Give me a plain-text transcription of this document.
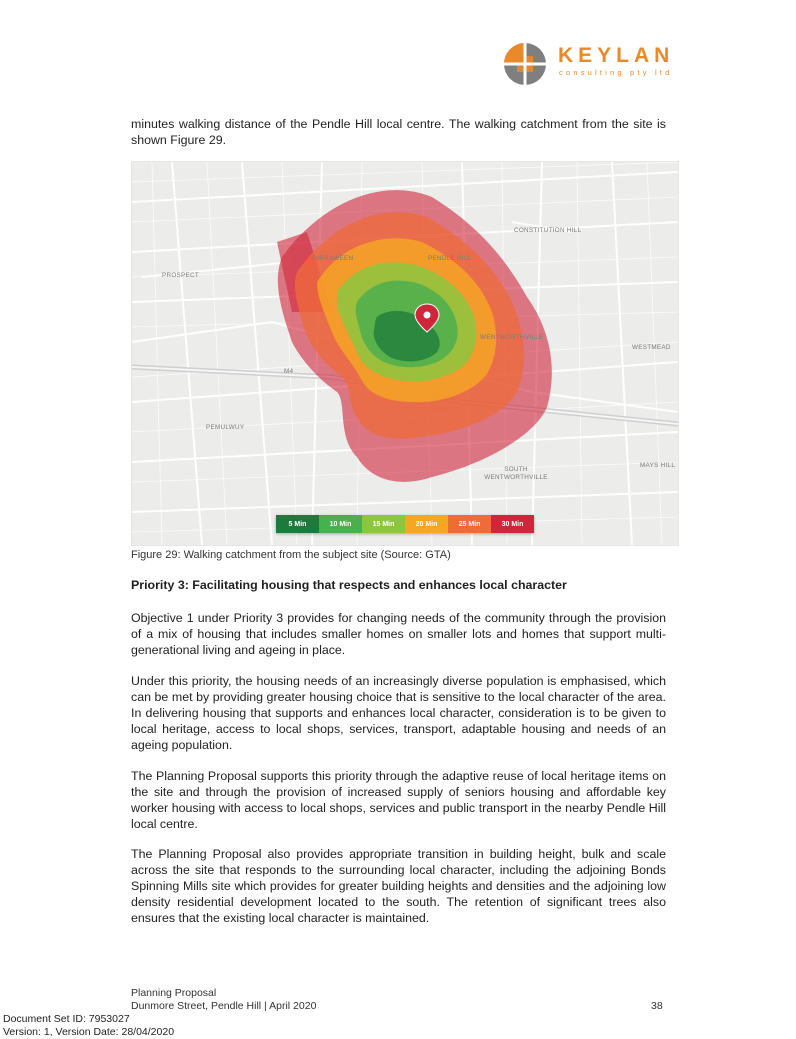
KEYLAN
consulting pty ltd

minutes walking distance of the Pendle Hill local centre. The walking catchment from the site is shown Figure 29.

CONSTITUTION HILL
GIRRAWEEN	PENDLE HILL
PROSPECT
WENTWORTHVILLE
WESTMEAD
M4
PEMULWUY
SOUTH WENTWORTHVILLE
MAYS HILL
5 Min	10 Min	15 Min	20 Min	25 Min	30 Min
Figure 29: Walking catchment from the subject site (Source: GTA)
Priority 3: Facilitating housing that respects and enhances local character

Objective 1 under Priority 3 provides for changing needs of the community through the provision of a mix of housing that includes smaller homes on smaller lots and homes that support multi-generational living and ageing in place.

Under this priority, the housing needs of an increasingly diverse population is emphasised, which can be met by providing greater housing choice that is sensitive to the local character of the area. In delivering housing that supports and enhances local character, consideration is to be given to local heritage, access to local shops, services, transport, adaptable housing and needs of an ageing population.

The Planning Proposal supports this priority through the adaptive reuse of local heritage items on the site and through the provision of increased supply of seniors housing and affordable key worker housing with access to local shops, services and public transport in the nearby Pendle Hill local centre.

The Planning Proposal also provides appropriate transition in building height, bulk and scale across the site that responds to the surrounding local character, including the adjoining Bonds Spinning Mills site which provides for greater building heights and densities and the adjoining low density residential development located to the south. The retention of significant trees also ensures that the existing local character is maintained.

Planning Proposal
Dunmore Street, Pendle Hill | April 2020	38
Document Set ID: 7953027
Version: 1, Version Date: 28/04/2020
